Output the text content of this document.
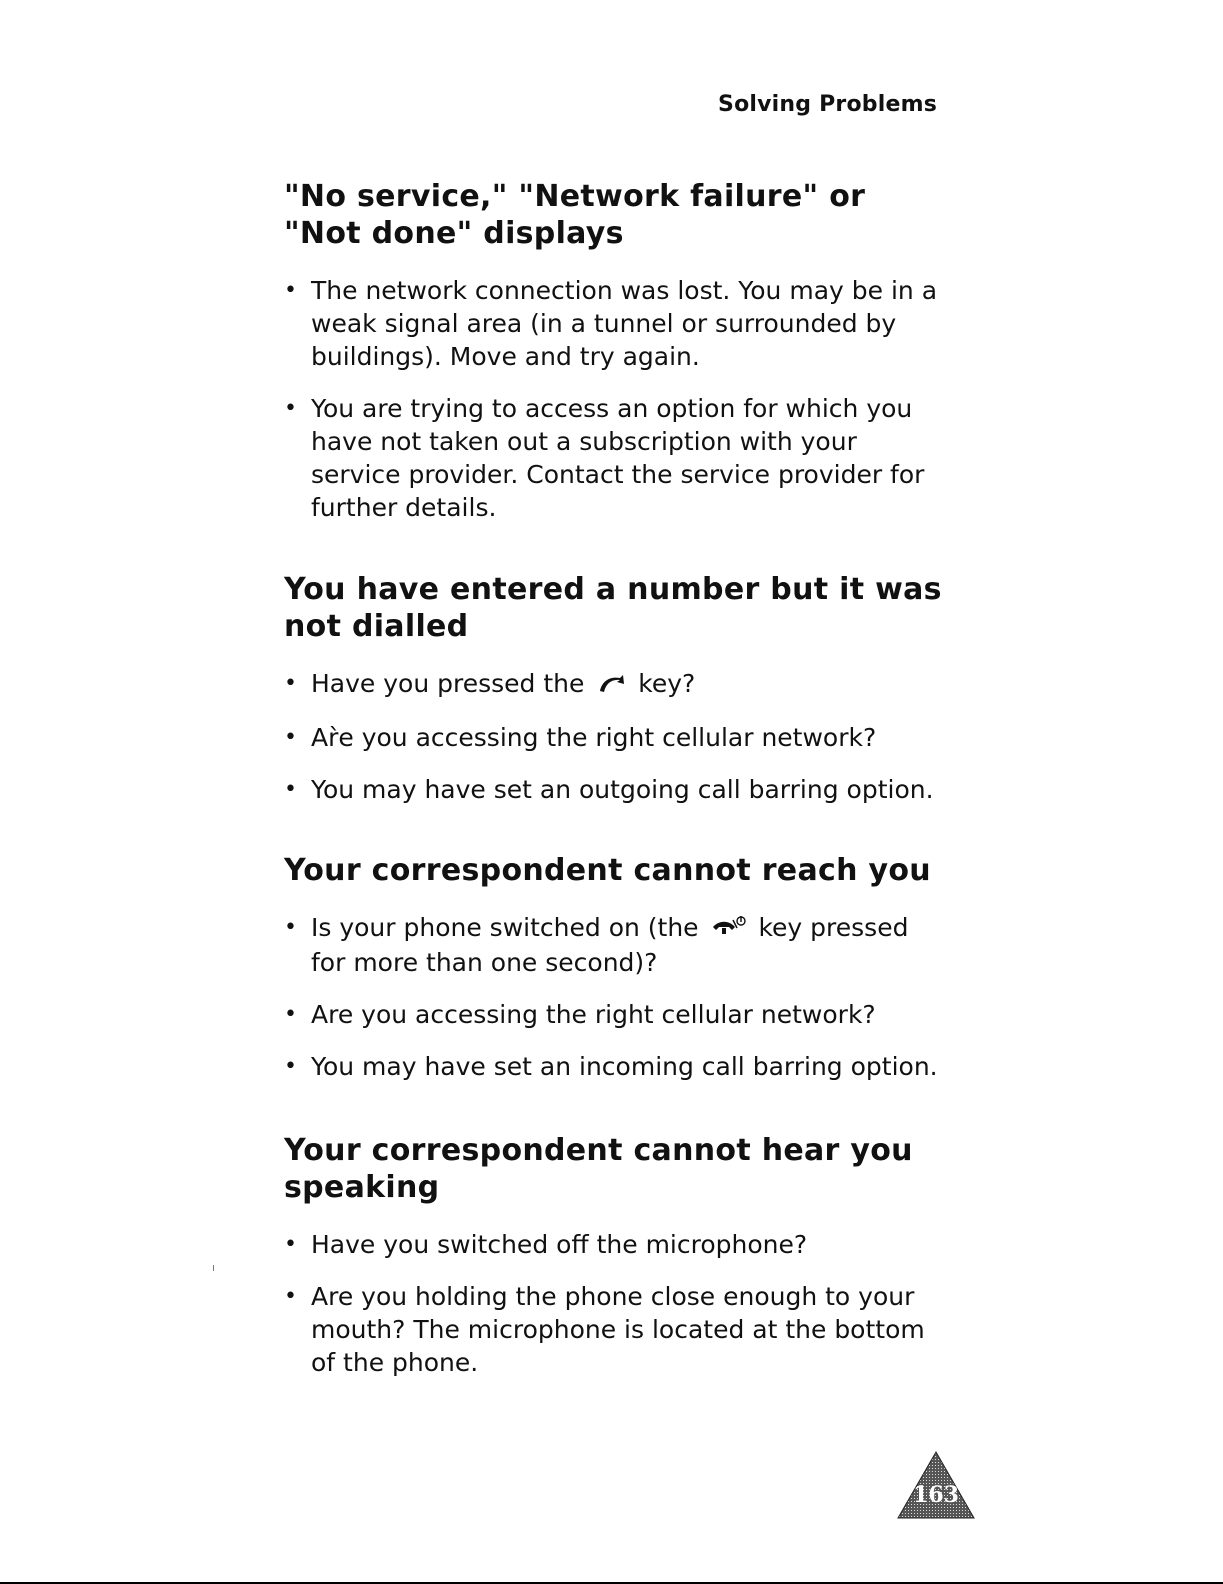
Solving Problems
"No service," "Network failure" or "Not done" displays
• The network connection was lost. You may be in a weak signal area (in a tunnel or surrounded by buildings). Move and try again.
• You are trying to access an option for which you have not taken out a subscription with your service provider. Contact the service provider for further details.
You have entered a number but it was not dialled
• Have you pressed the key?
• Ar̀e you accessing the right cellular network?
• You may have set an outgoing call barring option.
Your correspondent cannot reach you
• Is your phone switched on (the key pressed for more than one second)?
• Are you accessing the right cellular network?
• You may have set an incoming call barring option.
Your correspondent cannot hear you speaking
• Have you switched off the microphone?
• Are you holding the phone close enough to your mouth? The microphone is located at the bottom of the phone.
163
